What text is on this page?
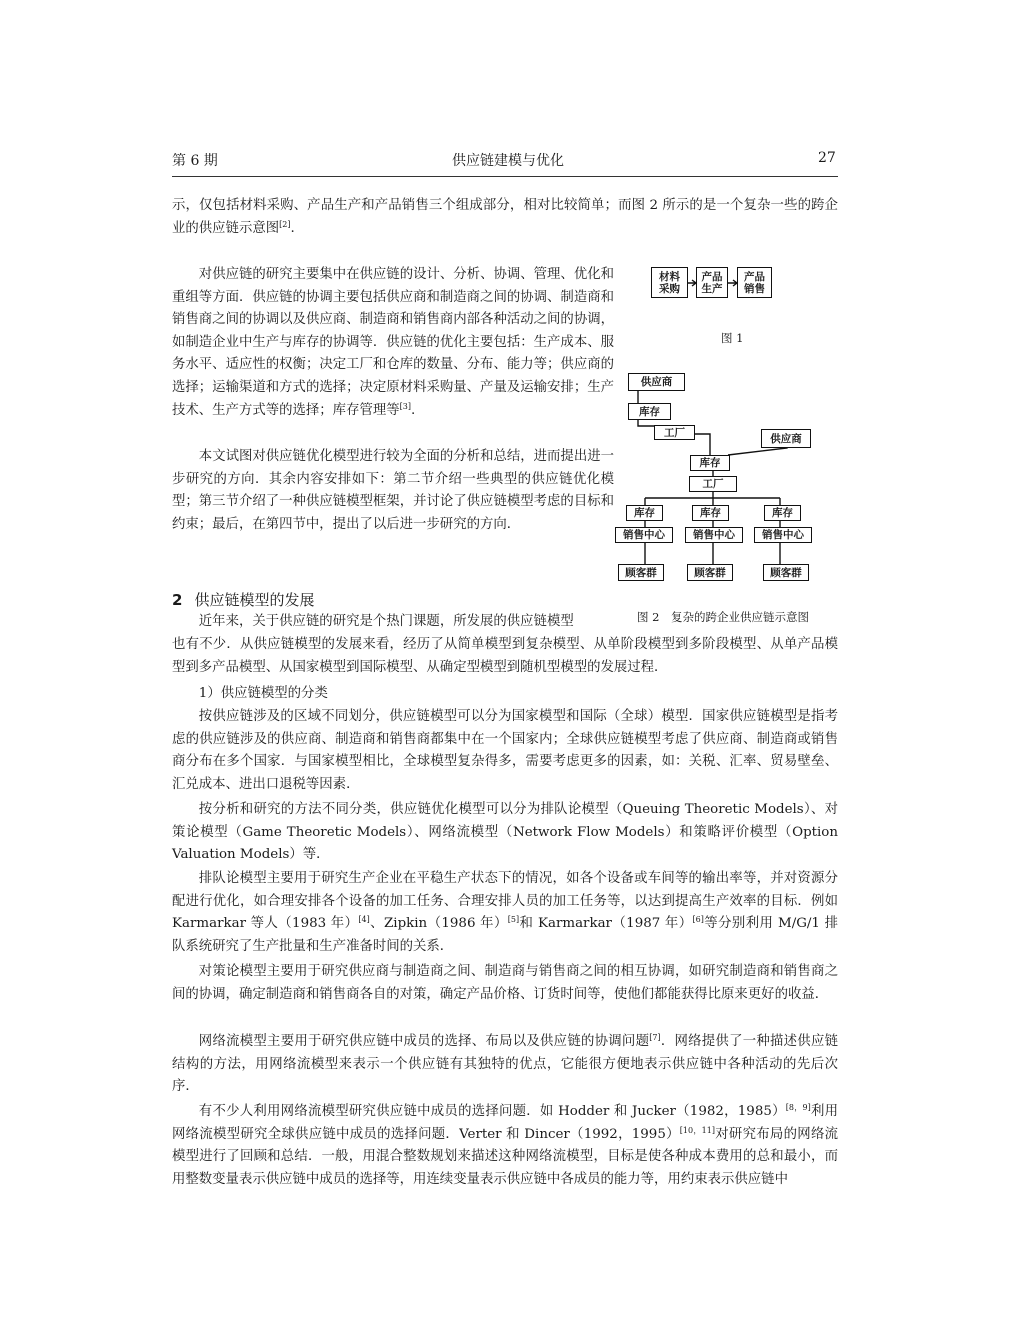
第 6 期	供应链建模与优化	27

示，仅包括材料采购、产品生产和产品销售三个组成部分，相对比较简单；而图 2 所示的是一个复杂一些的跨企业的供应链示意图[2].

对供应链的研究主要集中在供应链的设计、分析、协调、管理、优化和重组等方面．供应链的协调主要包括供应商和制造商之间的协调、制造商和销售商之间的协调以及供应商、制造商和销售商内部各种活动之间的协调，如制造企业中生产与库存的协调等．供应链的优化主要包括：生产成本、服务水平、适应性的权衡；决定工厂和仓库的数量、分布、能力等；供应商的选择；运输渠道和方式的选择；决定原材料采购量、产量及运输安排；生产技术、生产方式等的选择；库存管理等[3].

本文试图对供应链优化模型进行较为全面的分析和总结，进而提出进一步研究的方向．其余内容安排如下：第二节介绍一些典型的供应链优化模型；第三节介绍了一种供应链模型框架，并讨论了供应链模型考虑的目标和约束；最后，在第四节中，提出了以后进一步研究的方向．

材料
采购
产品
生产
产品
销售
图 1
供应商
库存
工厂	供应商
库存
工厂
库存	库存	库存
销售中心	销售中心	销售中心
顾客群	顾客群	顾客群
图 2　复杂的跨企业供应链示意图
2 供应链模型的发展

近年来，关于供应链的研究是个热门课题，所发展的供应链模型

也有不少．从供应链模型的发展来看，经历了从简单模型到复杂模型、从单阶段模型到多阶段模型、从单产品模型到多产品模型、从国家模型到国际模型、从确定型模型到随机型模型的发展过程．

1）供应链模型的分类

按供应链涉及的区域不同划分，供应链模型可以分为国家模型和国际（全球）模型．国家供应链模型是指考虑的供应链涉及的供应商、制造商和销售商都集中在一个国家内；全球供应链模型考虑了供应商、制造商或销售商分布在多个国家．与国家模型相比，全球模型复杂得多，需要考虑更多的因素，如：关税、汇率、贸易壁垒、汇兑成本、进出口退税等因素．

按分析和研究的方法不同分类，供应链优化模型可以分为排队论模型（Queuing Theoretic Models）、对策论模型（Game Theoretic Models）、网络流模型（Network Flow Models）和策略评价模型（Option Valuation Models）等．

排队论模型主要用于研究生产企业在平稳生产状态下的情况，如各个设备或车间等的输出率等，并对资源分配进行优化，如合理安排各个设备的加工任务、合理安排人员的加工任务等，以达到提高生产效率的目标．例如 Karmarkar 等人（1983 年）[4]、Zipkin（1986 年）[5]和 Karmarkar（1987 年）[6]等分别利用 M/G/1 排队系统研究了生产批量和生产准备时间的关系．

对策论模型主要用于研究供应商与制造商之间、制造商与销售商之间的相互协调，如研究制造商和销售商之间的协调，确定制造商和销售商各自的对策，确定产品价格、订货时间等，使他们都能获得比原来更好的收益．

网络流模型主要用于研究供应链中成员的选择、布局以及供应链的协调问题[7]．网络提供了一种描述供应链结构的方法，用网络流模型来表示一个供应链有其独特的优点，它能很方便地表示供应链中各种活动的先后次序．

有不少人利用网络流模型研究供应链中成员的选择问题．如 Hodder 和 Jucker（1982，1985）[8，9]利用网络流模型研究全球供应链中成员的选择问题．Verter 和 Dincer（1992，1995）[10，11]对研究布局的网络流模型进行了回顾和总结．一般，用混合整数规划来描述这种网络流模型，目标是使各种成本费用的总和最小，而用整数变量表示供应链中成员的选择等，用连续变量表示供应链中各成员的能力等，用约束表示供应链中
